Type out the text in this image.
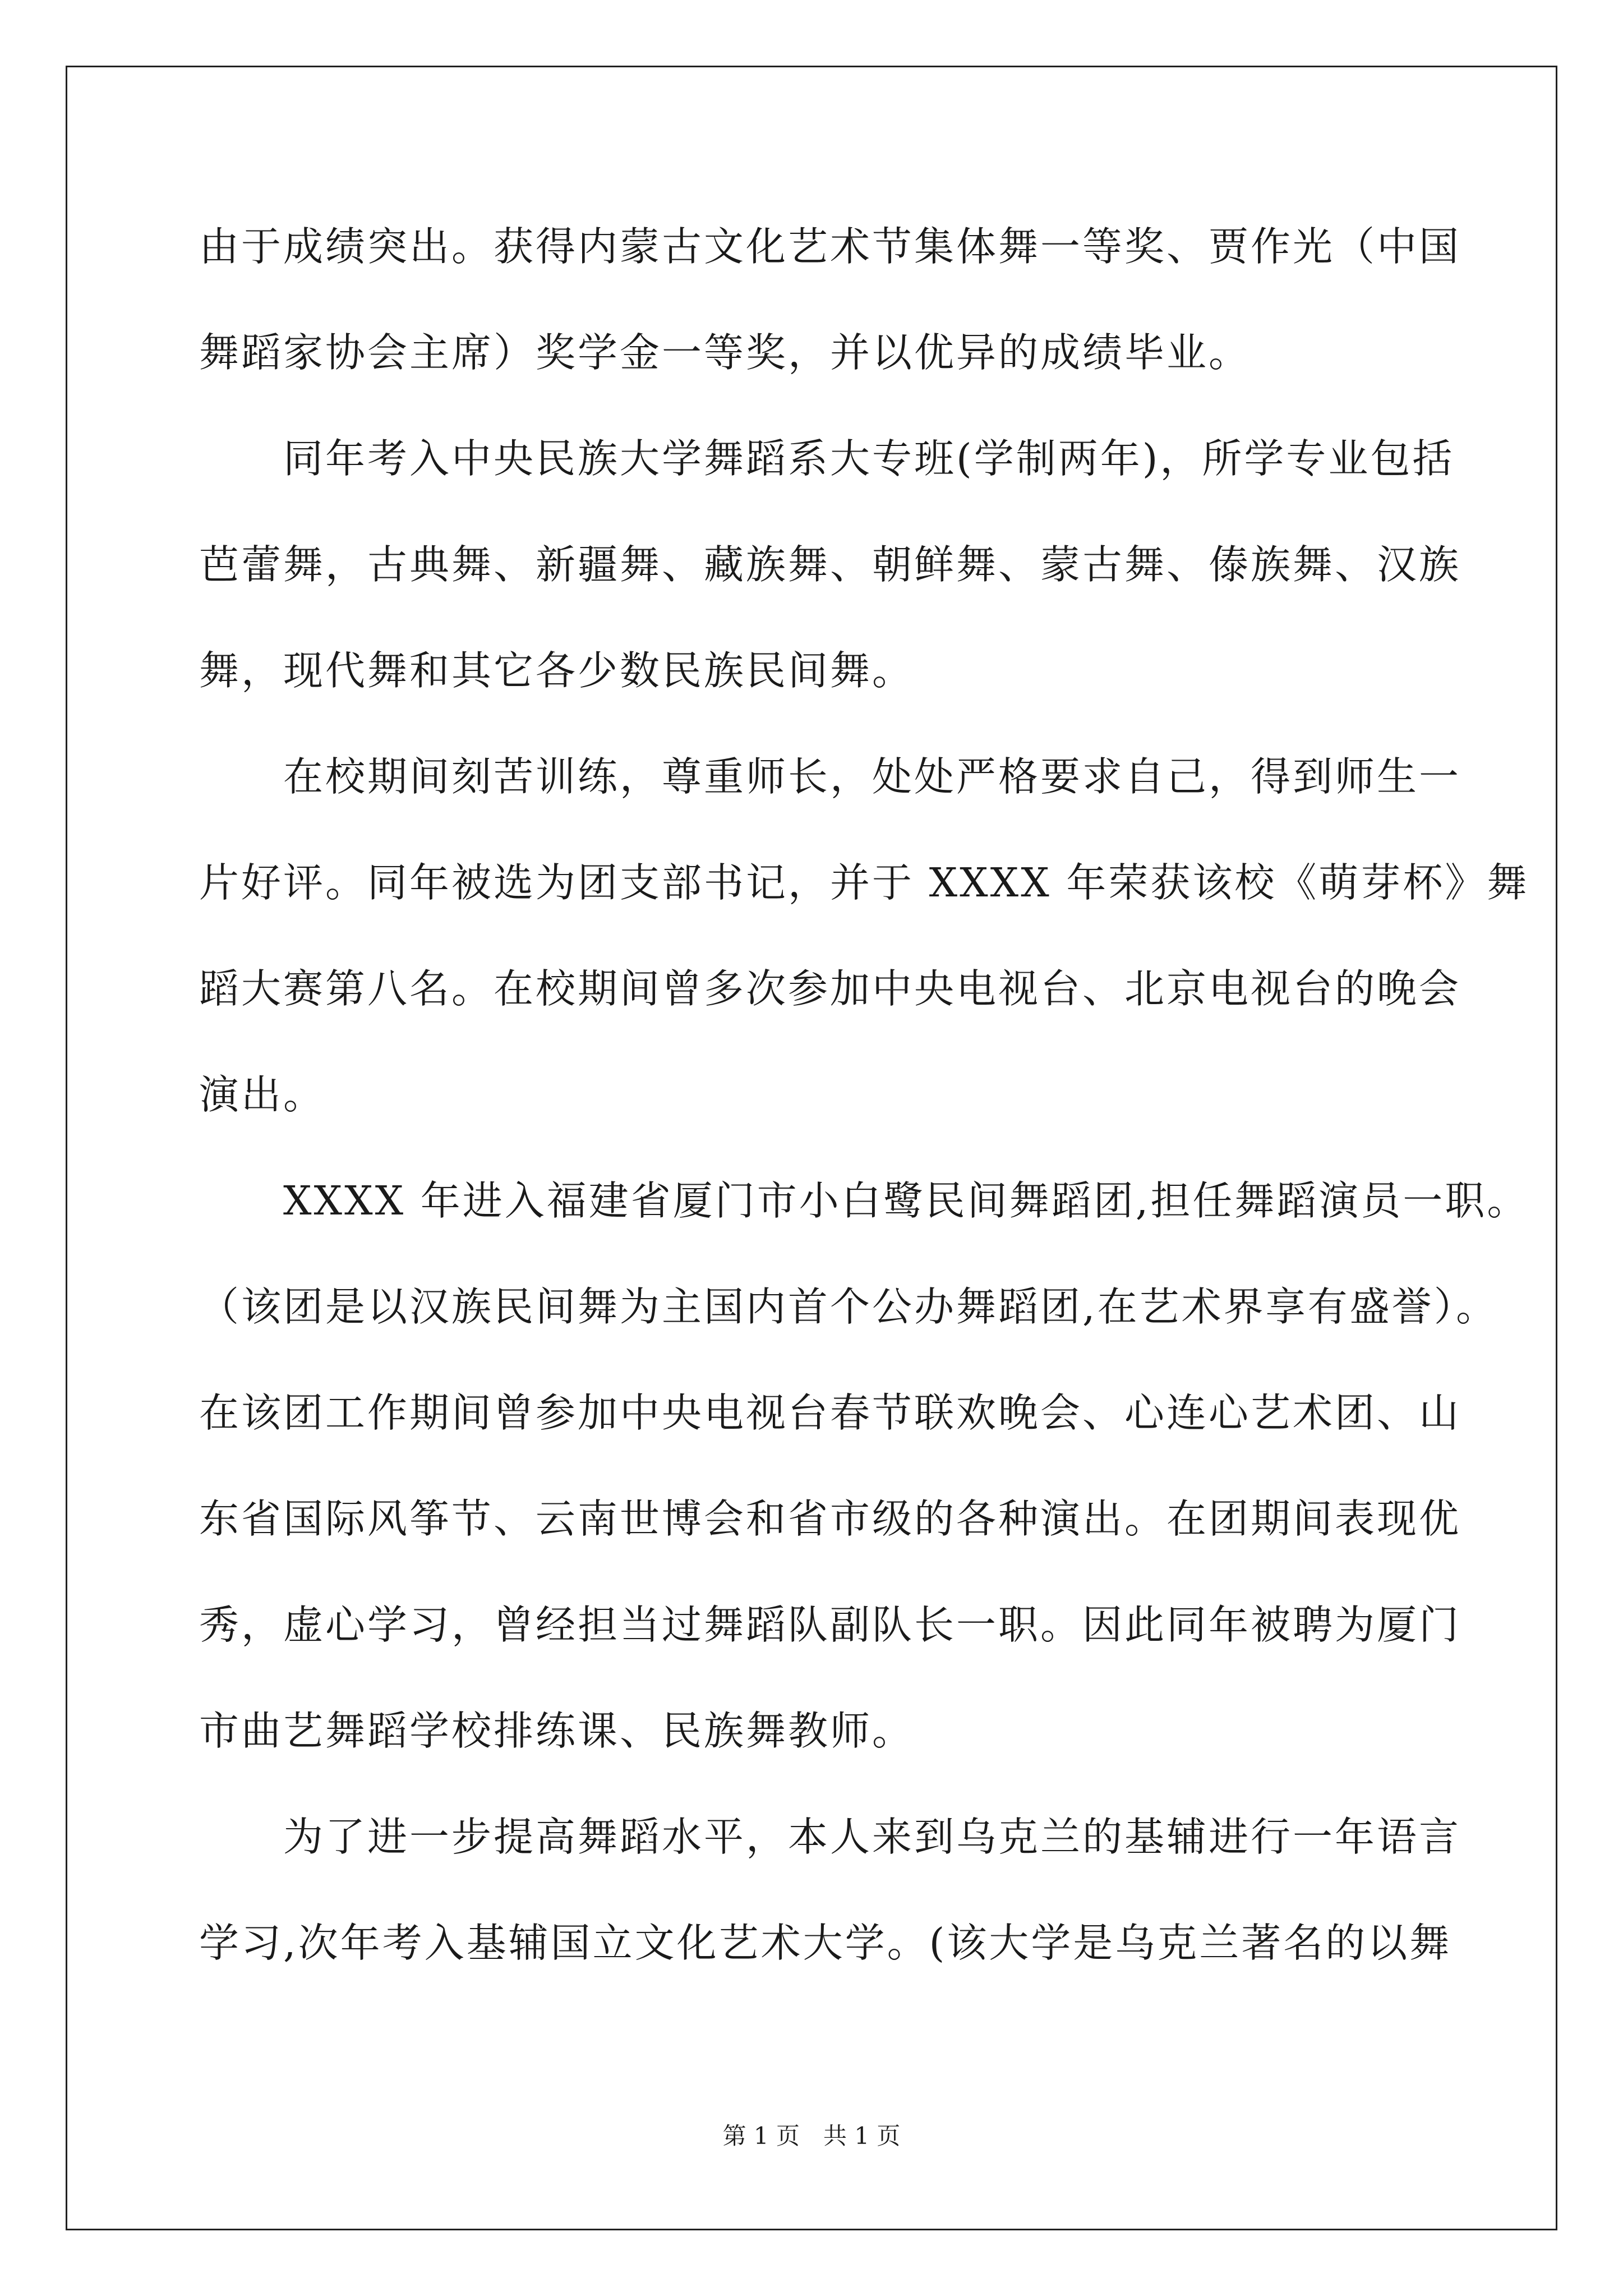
由于成绩突出。获得内蒙古文化艺术节集体舞一等奖、贾作光（中国
舞蹈家协会主席）奖学金一等奖，并以优异的成绩毕业。
同年考入中央民族大学舞蹈系大专班(学制两年)，所学专业包括
芭蕾舞，古典舞、新疆舞、藏族舞、朝鲜舞、蒙古舞、傣族舞、汉族
舞，现代舞和其它各少数民族民间舞。
在校期间刻苦训练，尊重师长，处处严格要求自己，得到师生一
片好评。同年被选为团支部书记，并于 XXXX 年荣获该校《萌芽杯》舞
蹈大赛第八名。在校期间曾多次参加中央电视台、北京电视台的晚会
演出。
XXXX 年进入福建省厦门市小白鹭民间舞蹈团,担任舞蹈演员一职。
（该团是以汉族民间舞为主国内首个公办舞蹈团,在艺术界享有盛誉）。
在该团工作期间曾参加中央电视台春节联欢晚会、心连心艺术团、山
东省国际风筝节、云南世博会和省市级的各种演出。在团期间表现优
秀，虚心学习，曾经担当过舞蹈队副队长一职。因此同年被聘为厦门
市曲艺舞蹈学校排练课、民族舞教师。
为了进一步提高舞蹈水平，本人来到乌克兰的基辅进行一年语言
学习,次年考入基辅国立文化艺术大学。(该大学是乌克兰著名的以舞
第 1 页　共 1 页
